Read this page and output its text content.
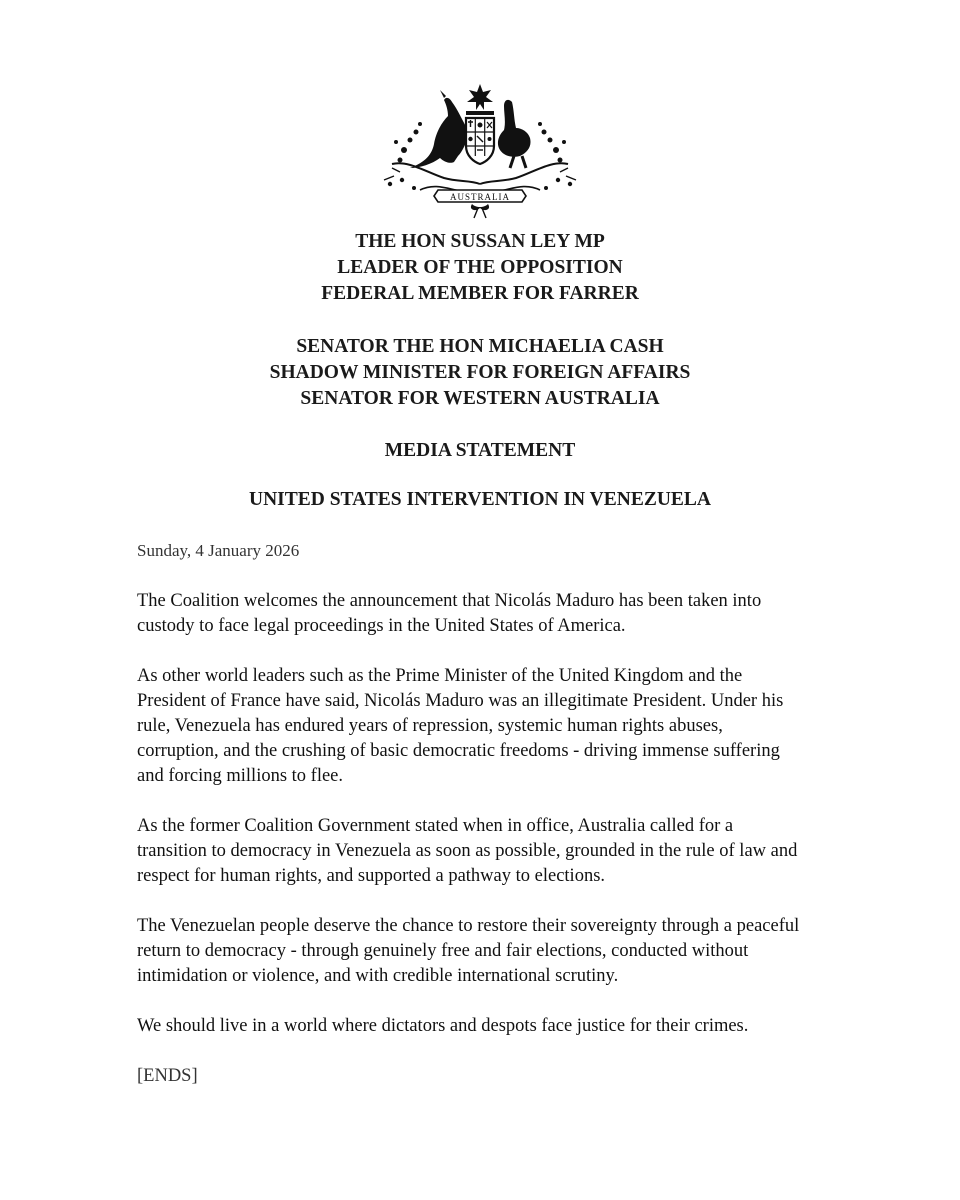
AUSTRALIA
THE HON SUSSAN LEY MP
LEADER OF THE OPPOSITION
FEDERAL MEMBER FOR FARRER
SENATOR THE HON MICHAELIA CASH
SHADOW MINISTER FOR FOREIGN AFFAIRS
SENATOR FOR WESTERN AUSTRALIA
MEDIA STATEMENT
UNITED STATES INTERVENTION IN VENEZUELA
Sunday, 4 January 2026
The Coalition welcomes the announcement that Nicolás Maduro has been taken into
custody to face legal proceedings in the United States of America.
As other world leaders such as the Prime Minister of the United Kingdom and the
President of France have said, Nicolás Maduro was an illegitimate President. Under his
rule, Venezuela has endured years of repression, systemic human rights abuses,
corruption, and the crushing of basic democratic freedoms - driving immense suffering
and forcing millions to flee.
As the former Coalition Government stated when in office, Australia called for a
transition to democracy in Venezuela as soon as possible, grounded in the rule of law and
respect for human rights, and supported a pathway to elections.
The Venezuelan people deserve the chance to restore their sovereignty through a peaceful
return to democracy - through genuinely free and fair elections, conducted without
intimidation or violence, and with credible international scrutiny.
We should live in a world where dictators and despots face justice for their crimes.
[ENDS]
